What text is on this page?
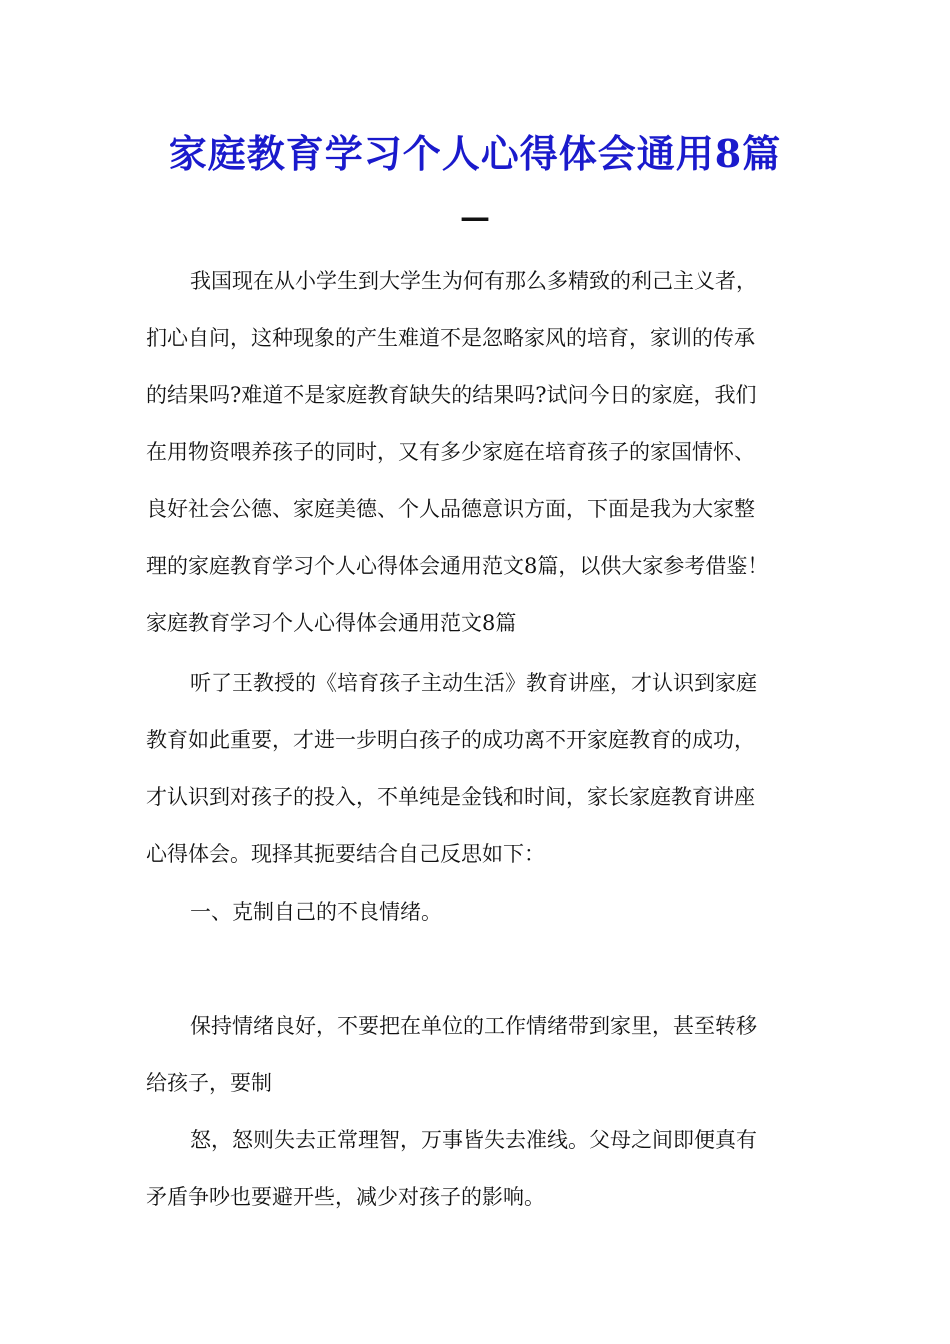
家庭教育学习个人心得体会通用8篇
—
我国现在从小学生到大学生为何有那么多精致的利己主义者，
扪心自问，这种现象的产生难道不是忽略家风的培育，家训的传承
的结果吗?难道不是家庭教育缺失的结果吗?试问今日的家庭，我们
在用物资喂养孩子的同时，又有多少家庭在培育孩子的家国情怀、
良好社会公德、家庭美德、个人品德意识方面，下面是我为大家整
理的家庭教育学习个人心得体会通用范文8篇，以供大家参考借鉴！
家庭教育学习个人心得体会通用范文8篇
听了王教授的《培育孩子主动生活》教育讲座，才认识到家庭
教育如此重要，才进一步明白孩子的成功离不开家庭教育的成功，
才认识到对孩子的投入，不单纯是金钱和时间，家长家庭教育讲座
心得体会。现择其扼要结合自己反思如下：
一、克制自己的不良情绪。
保持情绪良好，不要把在单位的工作情绪带到家里，甚至转移
给孩子，要制
怒，怒则失去正常理智，万事皆失去准线。父母之间即便真有
矛盾争吵也要避开些，减少对孩子的影响。
